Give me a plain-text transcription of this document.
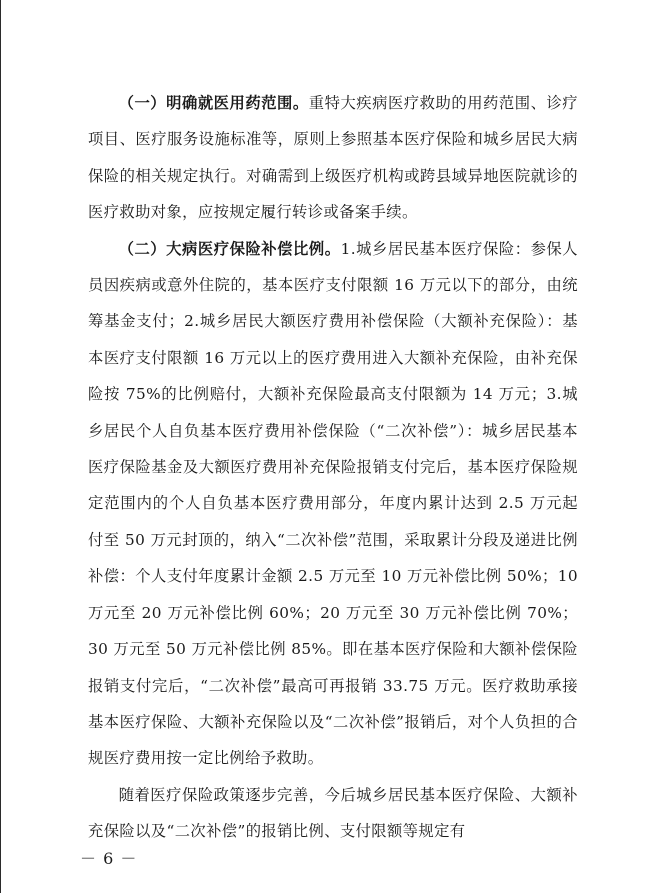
（一）明确就医用药范围。重特大疾病医疗救助的用药范围、诊疗项目、医疗服务设施标准等，原则上参照基本医疗保险和城乡居民大病保险的相关规定执行。对确需到上级医疗机构或跨县域异地医院就诊的医疗救助对象，应按规定履行转诊或备案手续。

（二）大病医疗保险补偿比例。1.城乡居民基本医疗保险：参保人员因疾病或意外住院的，基本医疗支付限额 16 万元以下的部分，由统筹基金支付；2.城乡居民大额医疗费用补偿保险（大额补充保险）：基本医疗支付限额 16 万元以上的医疗费用进入大额补充保险，由补充保险按 75%的比例赔付，大额补充保险最高支付限额为 14 万元；3.城乡居民个人自负基本医疗费用补偿保险（“二次补偿”）：城乡居民基本医疗保险基金及大额医疗费用补充保险报销支付完后，基本医疗保险规定范围内的个人自负基本医疗费用部分，年度内累计达到 2.5 万元起付至 50 万元封顶的，纳入“二次补偿”范围，采取累计分段及递进比例补偿：个人支付年度累计金额 2.5 万元至 10 万元补偿比例 50%；10 万元至 20 万元补偿比例 60%；20 万元至 30 万元补偿比例 70%；30 万元至 50 万元补偿比例 85%。即在基本医疗保险和大额补偿保险报销支付完后，“二次补偿”最高可再报销 33.75 万元。医疗救助承接基本医疗保险、大额补充保险以及“二次补偿”报销后，对个人负担的合规医疗费用按一定比例给予救助。

随着医疗保险政策逐步完善，今后城乡居民基本医疗保险、大额补充保险以及“二次补偿”的报销比例、支付限额等规定有

－ 6 －
